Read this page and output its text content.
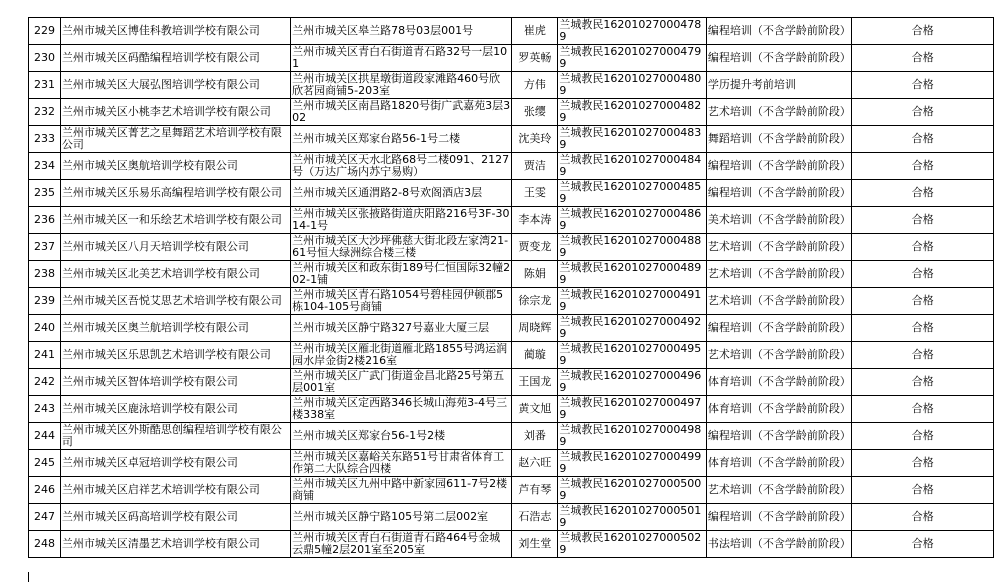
229	兰州市城关区博佳科教培训学校有限公司	兰州市城关区皋兰路78号03层001号	崔虎	兰城教民162010270004789	编程培训（不含学龄前阶段）	合格
230	兰州市城关区码酷编程培训学校有限公司	兰州市城关区青白石街道青石路32号一层101	罗英畅	兰城教民162010270004799	编程培训（不含学龄前阶段）	合格
231	兰州市城关区大展弘图培训学校有限公司	兰州市城关区拱星墩街道段家滩路460号欣欣茗园商铺5-203室	方伟	兰城教民162010270004809	学历提升考前培训	合格
232	兰州市城关区小桃李艺术培训学校有限公司	兰州市城关区南昌路1820号街广武嘉苑3层302	张缨	兰城教民162010270004829	艺术培训（不含学龄前阶段）	合格
233	兰州市城关区菁艺之星舞蹈艺术培训学校有限公司	兰州市城关区郑家台路56-1号二楼	沈美玲	兰城教民162010270004839	舞蹈培训（不含学龄前阶段）	合格
234	兰州市城关区奥航培训学校有限公司	兰州市城关区天水北路68号二楼091、2127号（万达广场内苏宁易购）	贾洁	兰城教民162010270004849	编程培训（不含学龄前阶段）	合格
235	兰州市城关区乐易乐高编程培训学校有限公司	兰州市城关区通渭路2-8号欢阁酒店3层	王雯	兰城教民162010270004859	编程培训（不含学龄前阶段）	合格
236	兰州市城关区一和乐绘艺术培训学校有限公司	兰州市城关区张掖路街道庆阳路216号3F-3014-1号	李本涛	兰城教民162010270004869	美术培训（不含学龄前阶段）	合格
237	兰州市城关区八月天培训学校有限公司	兰州市城关区大沙坪佛慈大街北段左家湾21-61号恒大绿洲综合楼三楼	贾变龙	兰城教民162010270004889	艺术培训（不含学龄前阶段）	合格
238	兰州市城关区北美艺术培训学校有限公司	兰州市城关区和政东街189号仁恒国际32幢202-1铺	陈娟	兰城教民162010270004899	艺术培训（不含学龄前阶段）	合格
239	兰州市城关区吾悦艾思艺术培训学校有限公司	兰州市城关区青石路1054号碧桂园伊顿郡5栋104-105号商铺	徐宗龙	兰城教民162010270004919	艺术培训（不含学龄前阶段）	合格
240	兰州市城关区奥兰航培训学校有限公司	兰州市城关区静宁路327号嘉业大厦三层	周晓辉	兰城教民162010270004929	编程培训（不含学龄前阶段）	合格
241	兰州市城关区乐思凯艺术培训学校有限公司	兰州市城关区雁北街道雁北路1855号鸿运润园水岸金街2楼216室	蔺璇	兰城教民162010270004959	艺术培训（不含学龄前阶段）	合格
242	兰州市城关区智体培训学校有限公司	兰州市城关区广武门街道金昌北路25号第五层001室	王国龙	兰城教民162010270004969	体育培训（不含学龄前阶段）	合格
243	兰州市城关区鹿泳培训学校有限公司	兰州市城关区定西路346长城山海苑3-4号三楼338室	黄文旭	兰城教民162010270004979	体育培训（不含学龄前阶段）	合格
244	兰州市城关区外斯酷思创编程培训学校有限公司	兰州市城关区郑家台56-1号2楼	刘番	兰城教民162010270004989	编程培训（不含学龄前阶段）	合格
245	兰州市城关区卓冠培训学校有限公司	兰州市城关区嘉峪关东路51号甘肃省体育工作第二大队综合四楼	赵六旺	兰城教民162010270004999	体育培训（不含学龄前阶段）	合格
246	兰州市城关区启祥艺术培训学校有限公司	兰州市城关区九州中路中新家园611-7号2楼商铺	芦有琴	兰城教民162010270005009	艺术培训（不含学龄前阶段）	合格
247	兰州市城关区码高培训学校有限公司	兰州市城关区静宁路105号第二层002室	石浩志	兰城教民162010270005019	编程培训（不含学龄前阶段）	合格
248	兰州市城关区清墨艺术培训学校有限公司	兰州市城关区青白石街道青石路464号金城云鼎5幢2层201室至205室	刘生堂	兰城教民162010270005029	书法培训（不含学龄前阶段）	合格
